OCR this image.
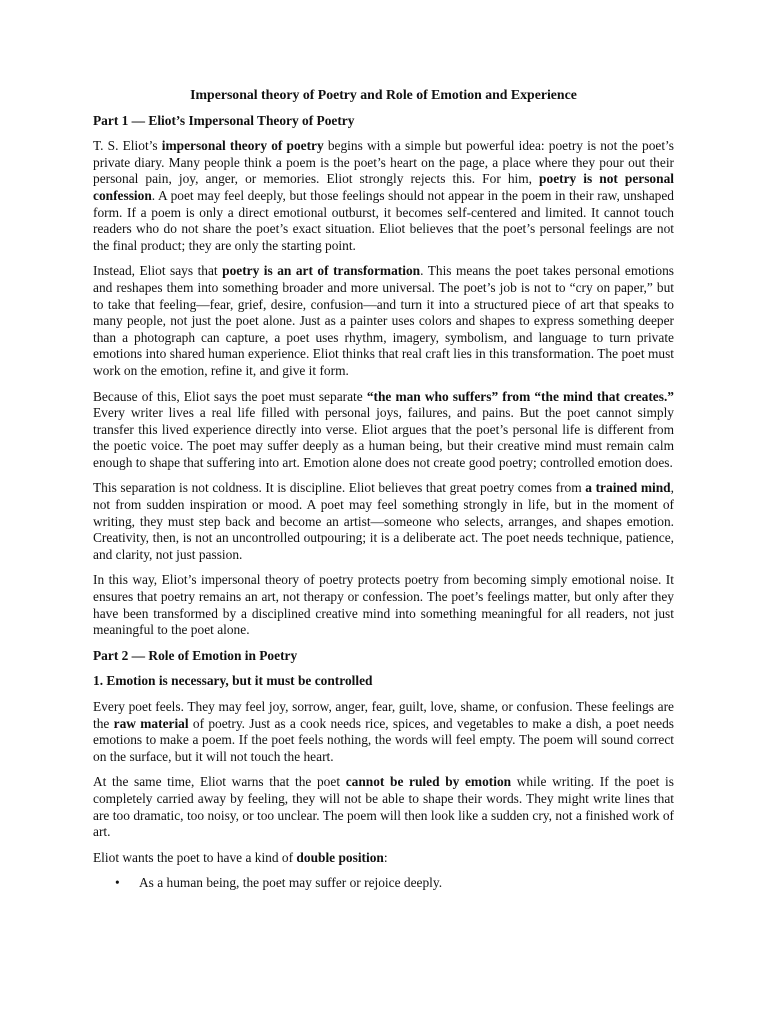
Impersonal theory of Poetry and Role of Emotion and Experience
Part 1 — Eliot’s Impersonal Theory of Poetry
T. S. Eliot’s impersonal theory of poetry begins with a simple but powerful idea: poetry is not the poet’s private diary. Many people think a poem is the poet’s heart on the page, a place where they pour out their personal pain, joy, anger, or memories. Eliot strongly rejects this. For him, poetry is not personal confession. A poet may feel deeply, but those feelings should not appear in the poem in their raw, unshaped form. If a poem is only a direct emotional outburst, it becomes self-centered and limited. It cannot touch readers who do not share the poet’s exact situation. Eliot believes that the poet’s personal feelings are not the final product; they are only the starting point.
Instead, Eliot says that poetry is an art of transformation. This means the poet takes personal emotions and reshapes them into something broader and more universal. The poet’s job is not to “cry on paper,” but to take that feeling—fear, grief, desire, confusion—and turn it into a structured piece of art that speaks to many people, not just the poet alone. Just as a painter uses colors and shapes to express something deeper than a photograph can capture, a poet uses rhythm, imagery, symbolism, and language to turn private emotions into shared human experience. Eliot thinks that real craft lies in this transformation. The poet must work on the emotion, refine it, and give it form.
Because of this, Eliot says the poet must separate “the man who suffers” from “the mind that creates.” Every writer lives a real life filled with personal joys, failures, and pains. But the poet cannot simply transfer this lived experience directly into verse. Eliot argues that the poet’s personal life is different from the poetic voice. The poet may suffer deeply as a human being, but their creative mind must remain calm enough to shape that suffering into art. Emotion alone does not create good poetry; controlled emotion does.
This separation is not coldness. It is discipline. Eliot believes that great poetry comes from a trained mind, not from sudden inspiration or mood. A poet may feel something strongly in life, but in the moment of writing, they must step back and become an artist—someone who selects, arranges, and shapes emotion. Creativity, then, is not an uncontrolled outpouring; it is a deliberate act. The poet needs technique, patience, and clarity, not just passion.
In this way, Eliot’s impersonal theory of poetry protects poetry from becoming simply emotional noise. It ensures that poetry remains an art, not therapy or confession. The poet’s feelings matter, but only after they have been transformed by a disciplined creative mind into something meaningful for all readers, not just meaningful to the poet alone.
Part 2 — Role of Emotion in Poetry
1. Emotion is necessary, but it must be controlled
Every poet feels. They may feel joy, sorrow, anger, fear, guilt, love, shame, or confusion. These feelings are the raw material of poetry. Just as a cook needs rice, spices, and vegetables to make a dish, a poet needs emotions to make a poem. If the poet feels nothing, the words will feel empty. The poem will sound correct on the surface, but it will not touch the heart.
At the same time, Eliot warns that the poet cannot be ruled by emotion while writing. If the poet is completely carried away by feeling, they will not be able to shape their words. They might write lines that are too dramatic, too noisy, or too unclear. The poem will then look like a sudden cry, not a finished work of art.
Eliot wants the poet to have a kind of double position:
• As a human being, the poet may suffer or rejoice deeply.
